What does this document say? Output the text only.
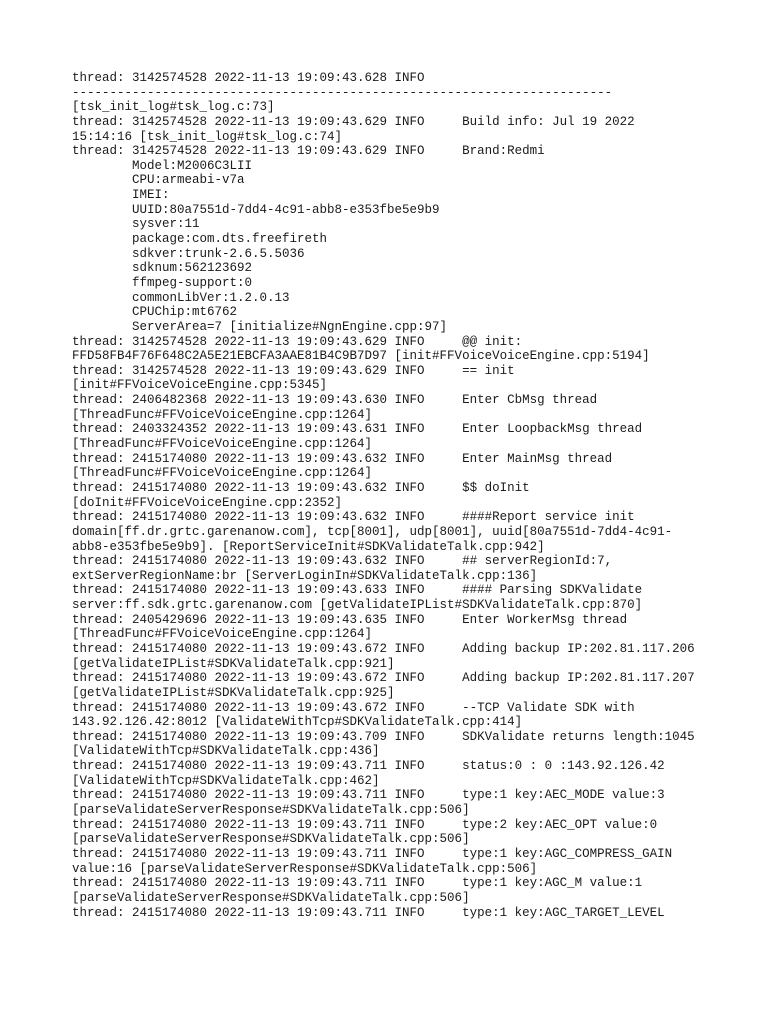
thread: 3142574528 2022-11-13 19:09:43.628 INFO
------------------------------------------------------------------------
[tsk_init_log#tsk_log.c:73]
thread: 3142574528 2022-11-13 19:09:43.629 INFO     Build info: Jul 19 2022
15:14:16 [tsk_init_log#tsk_log.c:74]
thread: 3142574528 2022-11-13 19:09:43.629 INFO     Brand:Redmi
Model:M2006C3LII
CPU:armeabi-v7a
IMEI:
UUID:80a7551d-7dd4-4c91-abb8-e353fbe5e9b9
sysver:11
package:com.dts.freefireth
sdkver:trunk-2.6.5.5036
sdknum:562123692
ffmpeg-support:0
commonLibVer:1.2.0.13
CPUChip:mt6762
ServerArea=7 [initialize#NgnEngine.cpp:97]
thread: 3142574528 2022-11-13 19:09:43.629 INFO     @@ init:
FFD58FB4F76F648C2A5E21EBCFA3AAE81B4C9B7D97 [init#FFVoiceVoiceEngine.cpp:5194]
thread: 3142574528 2022-11-13 19:09:43.629 INFO     == init
[init#FFVoiceVoiceEngine.cpp:5345]
thread: 2406482368 2022-11-13 19:09:43.630 INFO     Enter CbMsg thread
[ThreadFunc#FFVoiceVoiceEngine.cpp:1264]
thread: 2403324352 2022-11-13 19:09:43.631 INFO     Enter LoopbackMsg thread
[ThreadFunc#FFVoiceVoiceEngine.cpp:1264]
thread: 2415174080 2022-11-13 19:09:43.632 INFO     Enter MainMsg thread
[ThreadFunc#FFVoiceVoiceEngine.cpp:1264]
thread: 2415174080 2022-11-13 19:09:43.632 INFO     $$ doInit
[doInit#FFVoiceVoiceEngine.cpp:2352]
thread: 2415174080 2022-11-13 19:09:43.632 INFO     ####Report service init
domain[ff.dr.grtc.garenanow.com], tcp[8001], udp[8001], uuid[80a7551d-7dd4-4c91-
abb8-e353fbe5e9b9]. [ReportServiceInit#SDKValidateTalk.cpp:942]
thread: 2415174080 2022-11-13 19:09:43.632 INFO     ## serverRegionId:7,
extServerRegionName:br [ServerLoginIn#SDKValidateTalk.cpp:136]
thread: 2415174080 2022-11-13 19:09:43.633 INFO     #### Parsing SDKValidate
server:ff.sdk.grtc.garenanow.com [getValidateIPList#SDKValidateTalk.cpp:870]
thread: 2405429696 2022-11-13 19:09:43.635 INFO     Enter WorkerMsg thread
[ThreadFunc#FFVoiceVoiceEngine.cpp:1264]
thread: 2415174080 2022-11-13 19:09:43.672 INFO     Adding backup IP:202.81.117.206
[getValidateIPList#SDKValidateTalk.cpp:921]
thread: 2415174080 2022-11-13 19:09:43.672 INFO     Adding backup IP:202.81.117.207
[getValidateIPList#SDKValidateTalk.cpp:925]
thread: 2415174080 2022-11-13 19:09:43.672 INFO     --TCP Validate SDK with
143.92.126.42:8012 [ValidateWithTcp#SDKValidateTalk.cpp:414]
thread: 2415174080 2022-11-13 19:09:43.709 INFO     SDKValidate returns length:1045
[ValidateWithTcp#SDKValidateTalk.cpp:436]
thread: 2415174080 2022-11-13 19:09:43.711 INFO     status:0 : 0 :143.92.126.42
[ValidateWithTcp#SDKValidateTalk.cpp:462]
thread: 2415174080 2022-11-13 19:09:43.711 INFO     type:1 key:AEC_MODE value:3
[parseValidateServerResponse#SDKValidateTalk.cpp:506]
thread: 2415174080 2022-11-13 19:09:43.711 INFO     type:2 key:AEC_OPT value:0
[parseValidateServerResponse#SDKValidateTalk.cpp:506]
thread: 2415174080 2022-11-13 19:09:43.711 INFO     type:1 key:AGC_COMPRESS_GAIN
value:16 [parseValidateServerResponse#SDKValidateTalk.cpp:506]
thread: 2415174080 2022-11-13 19:09:43.711 INFO     type:1 key:AGC_M value:1
[parseValidateServerResponse#SDKValidateTalk.cpp:506]
thread: 2415174080 2022-11-13 19:09:43.711 INFO     type:1 key:AGC_TARGET_LEVEL
